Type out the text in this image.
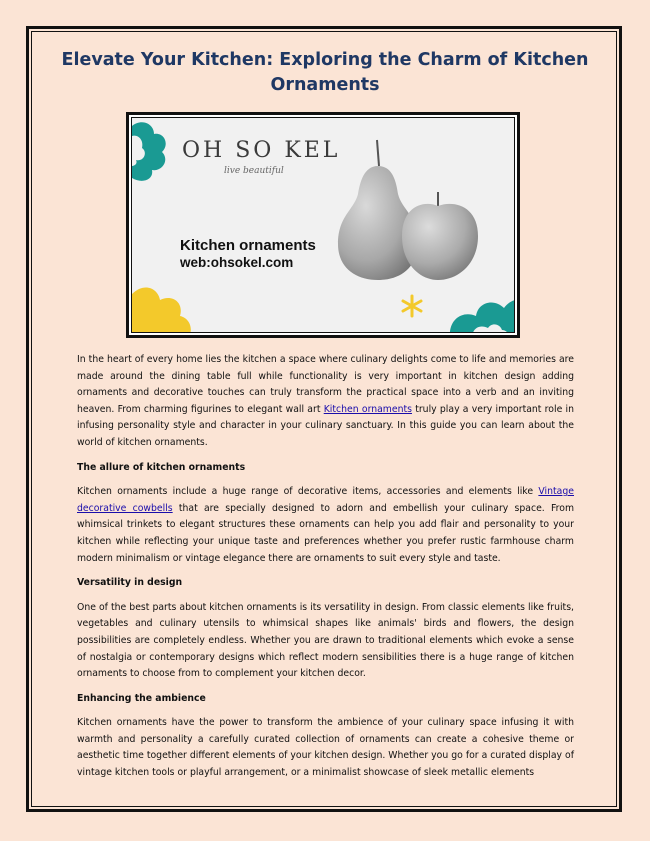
Elevate Your Kitchen: Exploring the Charm of Kitchen Ornaments
OH SO KEL
live beautiful
Kitchen ornaments
web:ohsokel.com

In the heart of every home lies the kitchen a space where culinary delights come to life and memories are made around the dining table full while functionality is very important in kitchen design adding ornaments and decorative touches can truly transform the practical space into a verb and an inviting heaven. From charming figurines to elegant wall art Kitchen ornaments truly play a very important role in infusing personality style and character in your culinary sanctuary. In this guide you can learn about the world of kitchen ornaments.

The allure of kitchen ornaments

Kitchen ornaments include a huge range of decorative items, accessories and elements like Vintage decorative cowbells that are specially designed to adorn and embellish your culinary space. From whimsical trinkets to elegant structures these ornaments can help you add flair and personality to your kitchen while reflecting your unique taste and preferences whether you prefer rustic farmhouse charm modern minimalism or vintage elegance there are ornaments to suit every style and taste.

Versatility in design

One of the best parts about kitchen ornaments is its versatility in design. From classic elements like fruits, vegetables and culinary utensils to whimsical shapes like animals' birds and flowers, the design possibilities are completely endless. Whether you are drawn to traditional elements which evoke a sense of nostalgia or contemporary designs which reflect modern sensibilities there is a huge range of kitchen ornaments to choose from to complement your kitchen decor.

Enhancing the ambience

Kitchen ornaments have the power to transform the ambience of your culinary space infusing it with warmth and personality a carefully curated collection of ornaments can create a cohesive theme or aesthetic time together different elements of your kitchen design. Whether you go for a curated display of vintage kitchen tools or playful arrangement, or a minimalist showcase of sleek metallic elements
